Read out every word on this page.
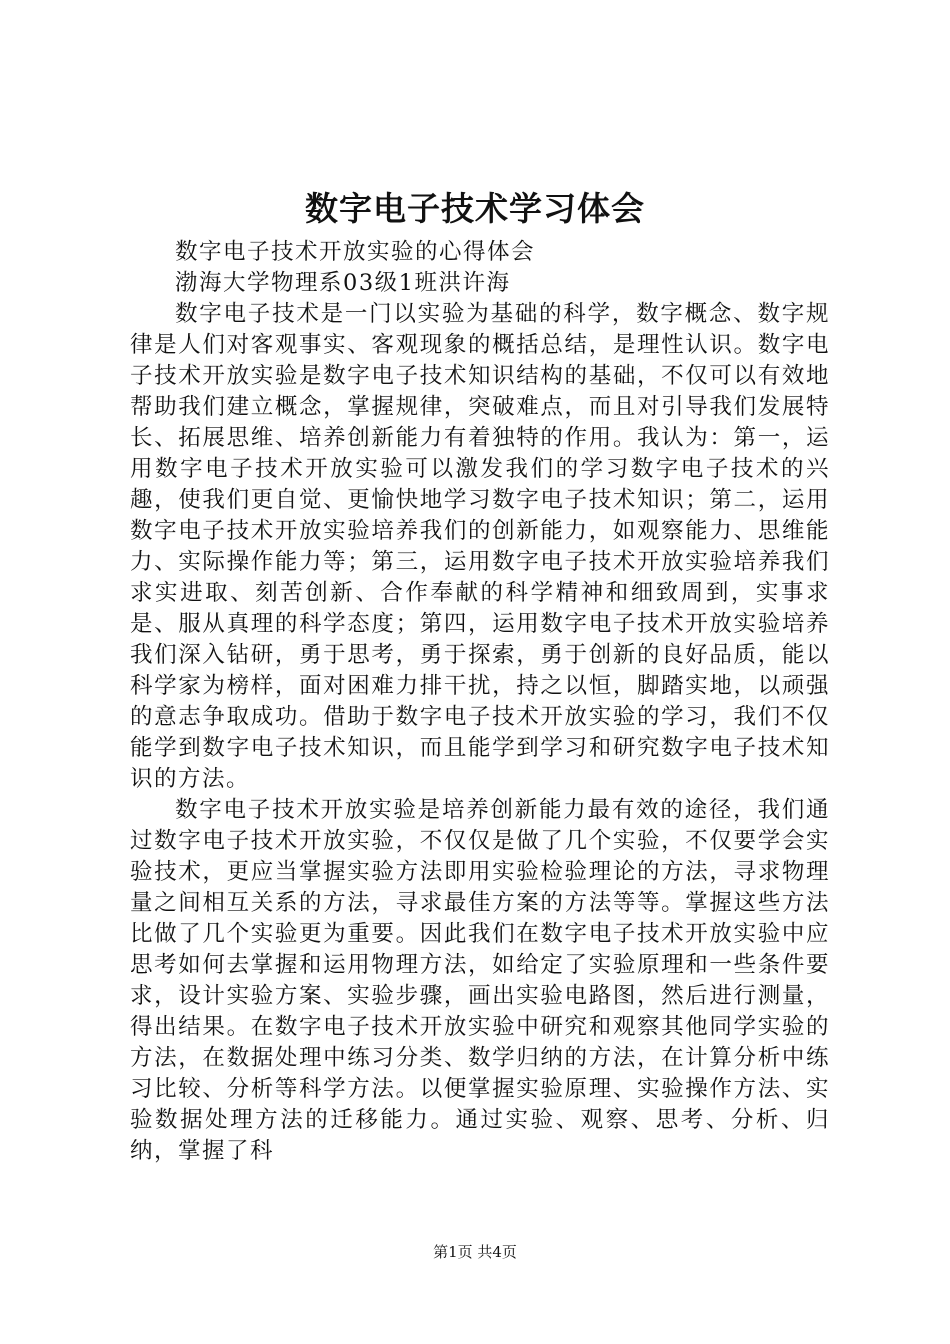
数字电子技术学习体会

数字电子技术开放实验的心得体会

渤海大学物理系03级1班洪许海

数字电子技术是一门以实验为基础的科学，数字概念、数字规律是人们对客观事实、客观现象的概括总结，是理性认识。数字电子技术开放实验是数字电子技术知识结构的基础，不仅可以有效地帮助我们建立概念，掌握规律，突破难点，而且对引导我们发展特长、拓展思维、培养创新能力有着独特的作用。我认为：第一，运用数字电子技术开放实验可以激发我们的学习数字电子技术的兴趣，使我们更自觉、更愉快地学习数字电子技术知识；第二，运用数字电子技术开放实验培养我们的创新能力，如观察能力、思维能力、实际操作能力等；第三，运用数字电子技术开放实验培养我们求实进取、刻苦创新、合作奉献的科学精神和细致周到，实事求是、服从真理的科学态度；第四，运用数字电子技术开放实验培养我们深入钻研，勇于思考，勇于探索，勇于创新的良好品质，能以科学家为榜样，面对困难力排干扰，持之以恒，脚踏实地，以顽强的意志争取成功。借助于数字电子技术开放实验的学习，我们不仅能学到数字电子技术知识，而且能学到学习和研究数字电子技术知识的方法。

数字电子技术开放实验是培养创新能力最有效的途径，我们通过数字电子技术开放实验，不仅仅是做了几个实验，不仅要学会实验技术，更应当掌握实验方法即用实验检验理论的方法，寻求物理量之间相互关系的方法，寻求最佳方案的方法等等。掌握这些方法比做了几个实验更为重要。因此我们在数字电子技术开放实验中应思考如何去掌握和运用物理方法，如给定了实验原理和一些条件要求，设计实验方案、实验步骤，画出实验电路图，然后进行测量，得出结果。在数字电子技术开放实验中研究和观察其他同学实验的方法，在数据处理中练习分类、数学归纳的方法，在计算分析中练习比较、分析等科学方法。以便掌握实验原理、实验操作方法、实验数据处理方法的迁移能力。通过实验、观察、思考、分析、归纳，掌握了科

第1页 共4页
